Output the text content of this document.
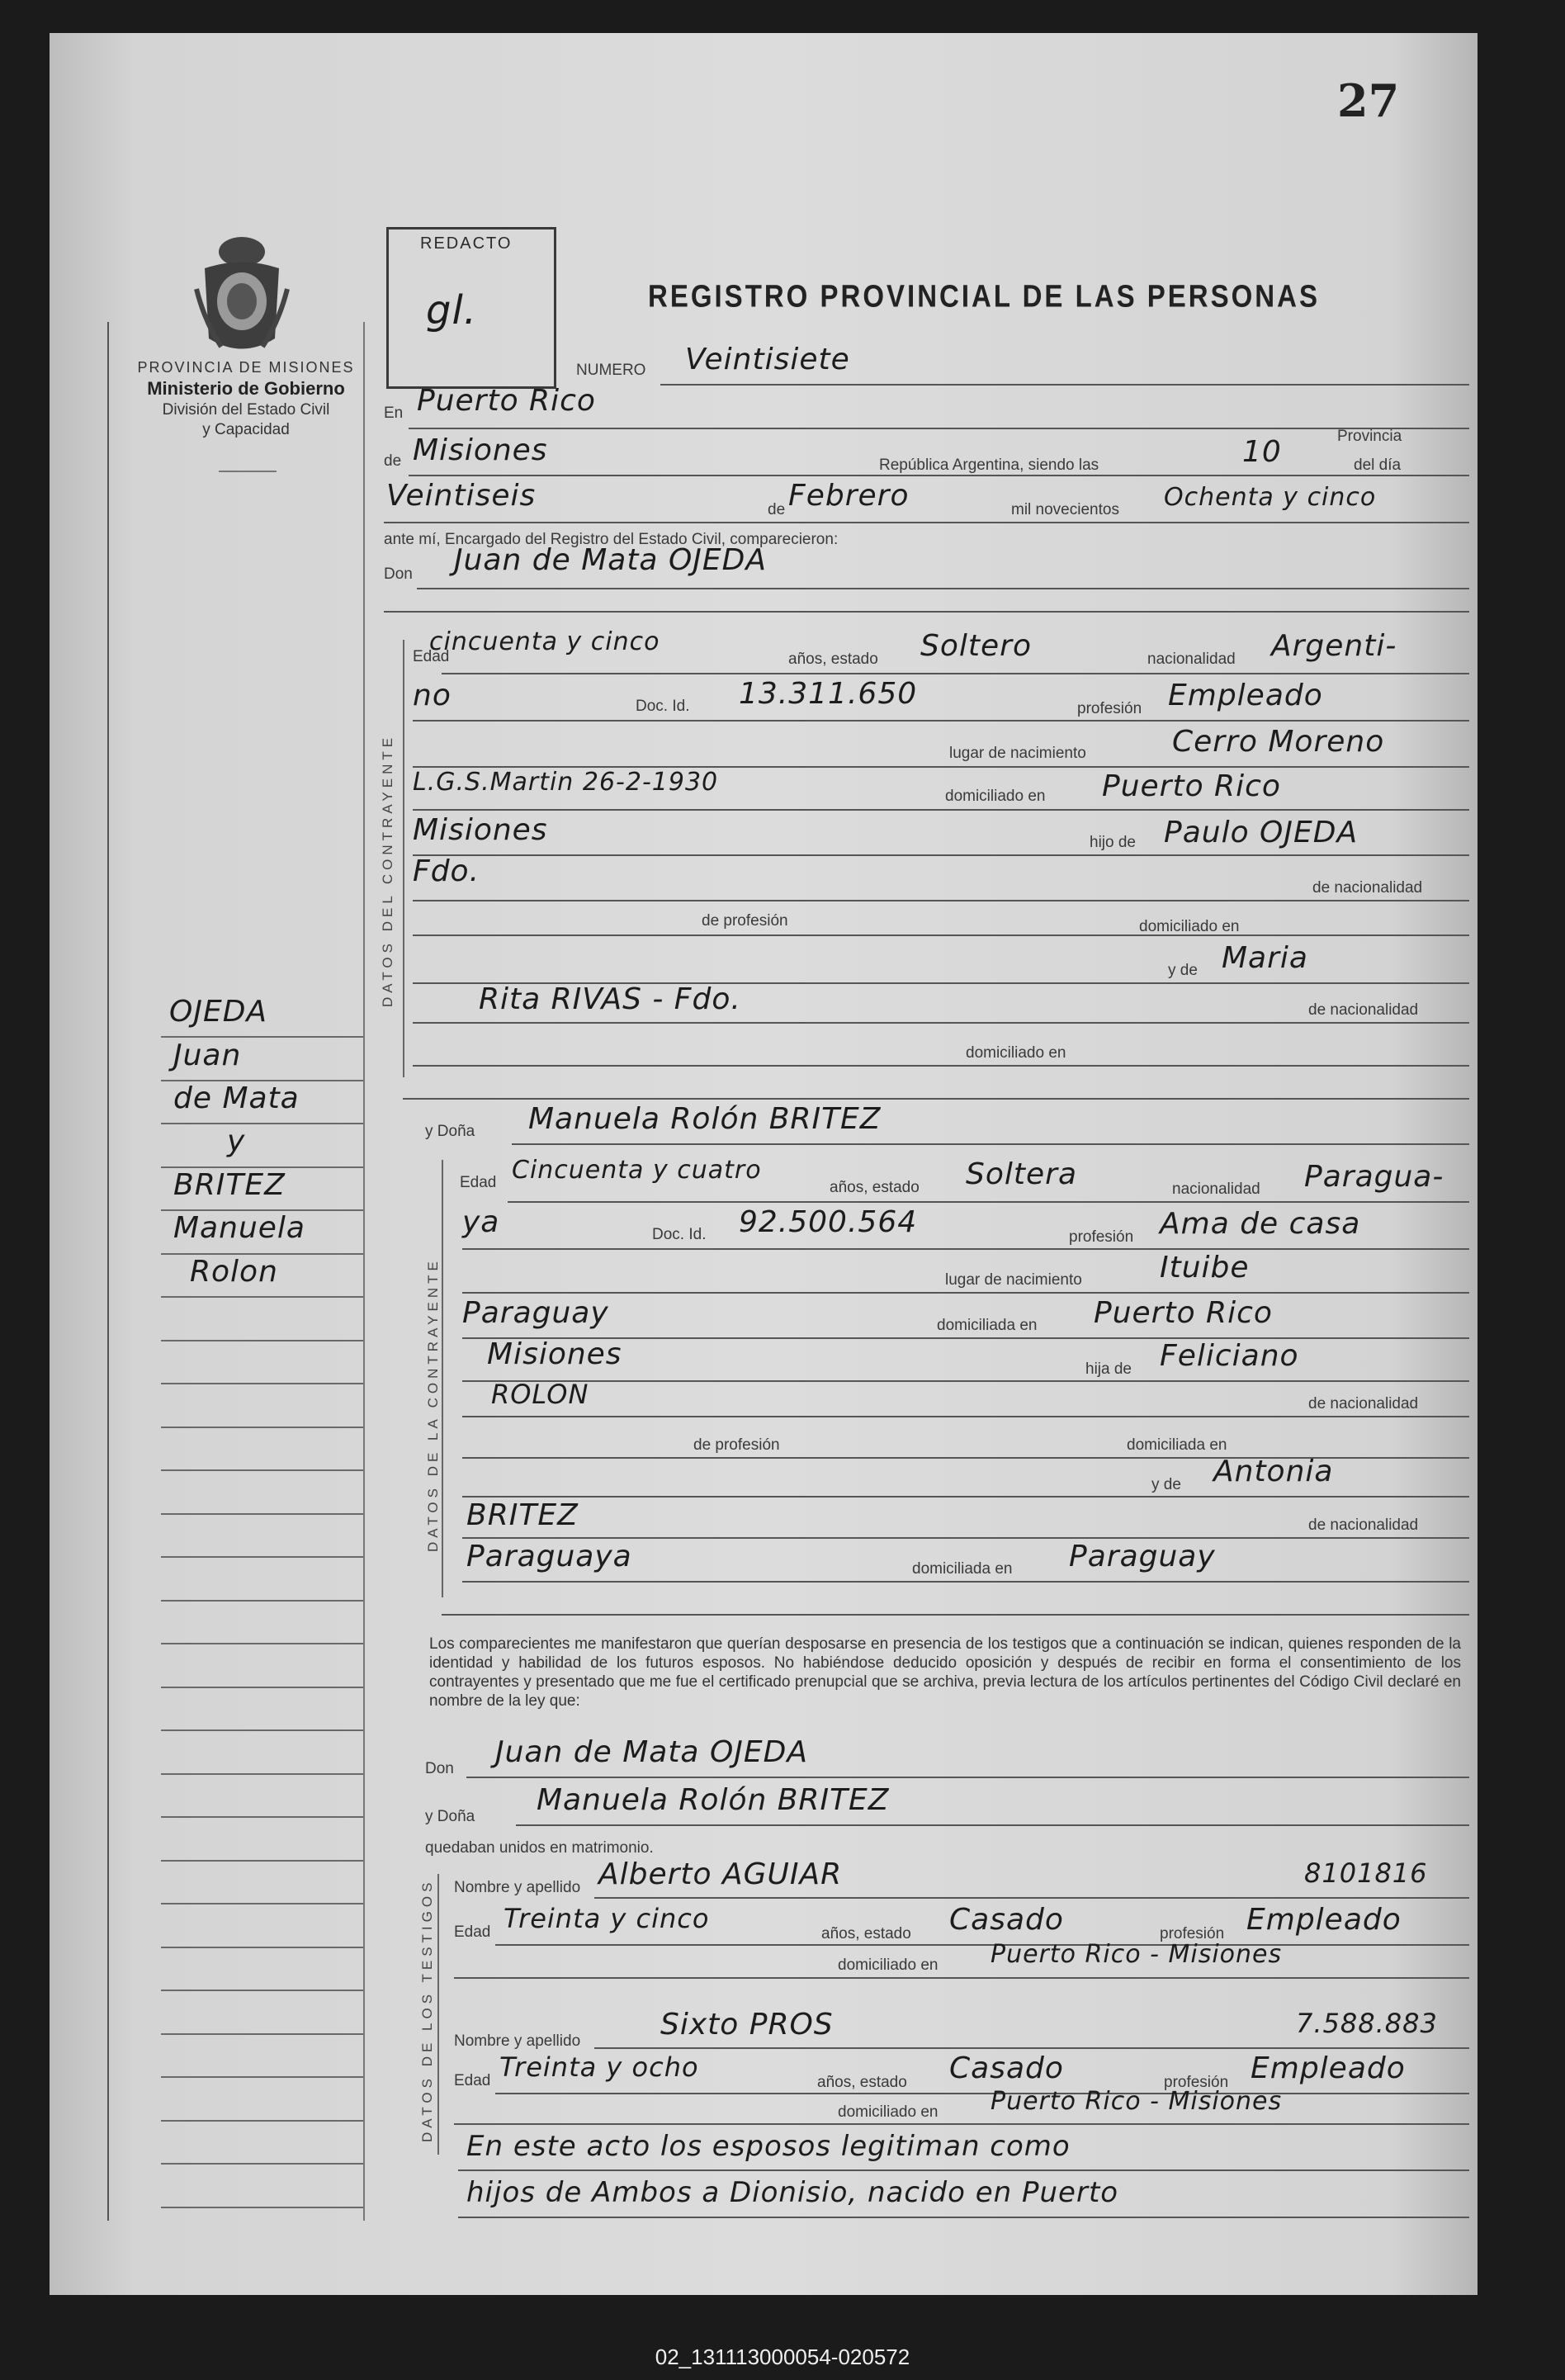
27
PROVINCIA DE MISIONES
Ministerio de Gobierno
División del Estado Civil
y Capacidad
REDACTO
gl.	REGISTRO PROVINCIAL DE LAS PERSONAS
NUMERO Veintisiete
En Puerto Rico
Provincia
de Misiones	República Argentina, siendo las	10	del día
Veintiseis	de Febrero	mil novecientos Ochenta y cinco
ante mí, Encargado del Registro del Estado Civil, comparecieron:
Don Juan de Mata OJEDA
DATOS DEL CONTRAYENTE
Edad
cincuenta y cinco
años, estado Soltero	nacionalidad Argenti-
no	Doc. Id. 13.311.650	profesión Empleado
lugar de nacimiento	Cerro Moreno
L.G.S.Martin 26-2-1930	domiciliado en Puerto Rico
Misiones	hijo de Paulo OJEDA
Fdo.	de nacionalidad
de profesión	domiciliado en
y de Maria
Rita RIVAS - Fdo.	de nacionalidad
domiciliado en
y Doña Manuela Rolón BRITEZ
DATOS DE LA CONTRAYENTE
Edad Cincuenta y cuatro
años, estado Soltera	nacionalidad Paragua-
ya	Doc. Id. 92.500.564	profesión Ama de casa
lugar de nacimiento	Ituibe
Paraguay	domiciliada en Puerto Rico
Misiones	hija de Feliciano
ROLON	de nacionalidad
de profesión	domiciliada en
y de Antonia
BRITEZ	de nacionalidad
Paraguaya	domiciliada en Paraguay
OJEDA
Juan
de Mata
y
BRITEZ
Manuela
Rolon
Los comparecientes me manifestaron que querían desposarse en presencia de los testigos que a continuación se indican, quienes responden de la identidad y habilidad de los futuros esposos. No habiéndose deducido oposición y después de recibir en forma el consentimiento de los contrayentes y presentado que me fue el certificado prenupcial que se archiva, previa lectura de los artículos pertinentes del Código Civil declaré en nombre de la ley que:
Don Juan de Mata OJEDA
y Doña Manuela Rolón BRITEZ
quedaban unidos en matrimonio.
DATOS DE LOS TESTIGOS Nombre y apellido Alberto AGUIAR	8101816
Edad Treinta y cinco	años, estado Casado	profesión Empleado
domiciliado en Puerto Rico - Misiones
Nombre y apellido	Sixto PROS	7.588.883
Edad Treinta y ocho	años, estado Casado	profesión Empleado
domiciliado en Puerto Rico - Misiones
En este acto los esposos legitiman como
hijos de Ambos a Dionisio, nacido en Puerto
02_131113000054-020572
